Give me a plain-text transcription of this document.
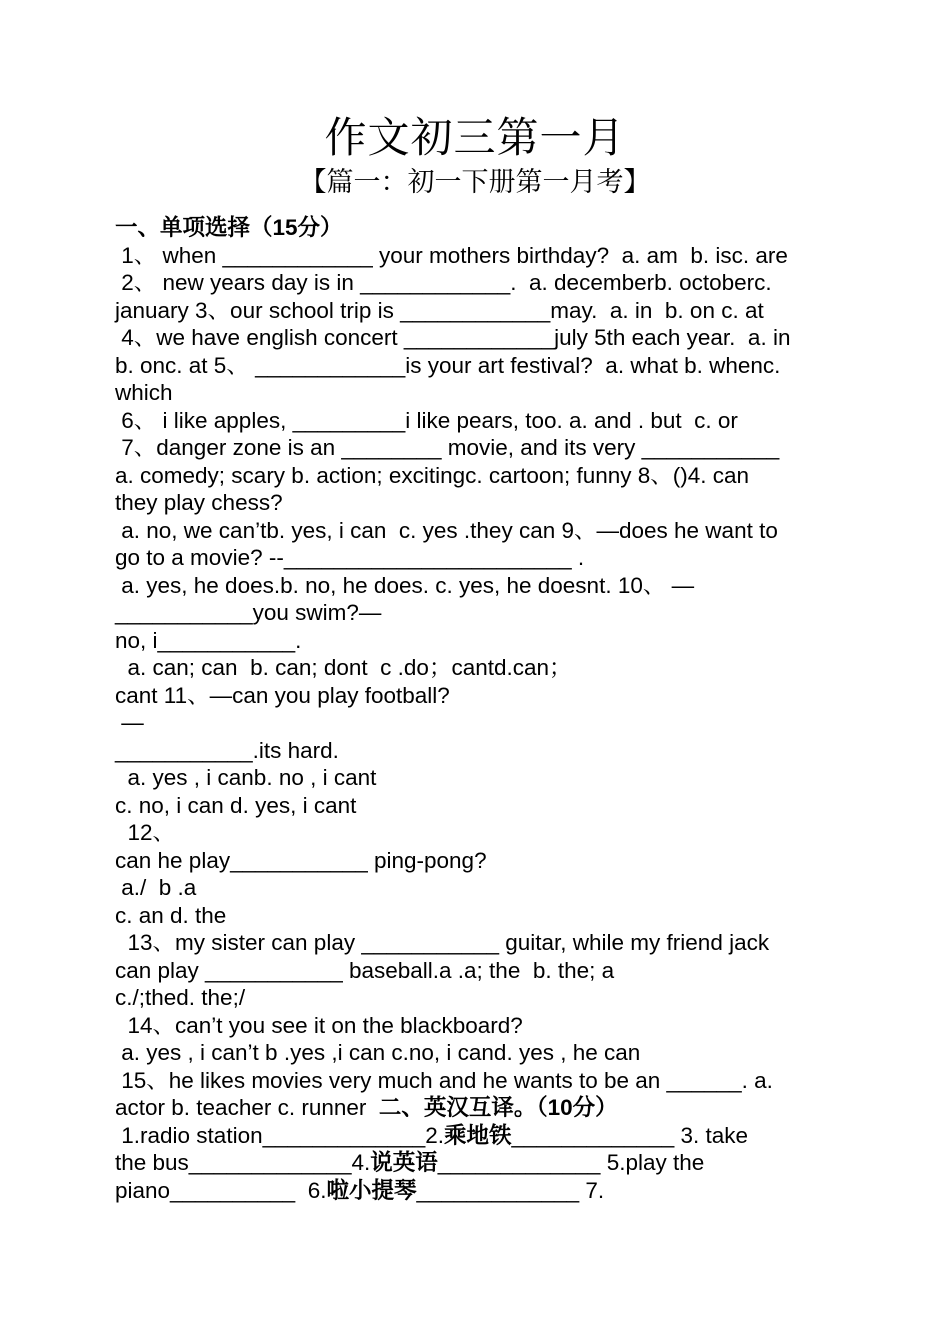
作文初三第一月
【篇一：初一下册第一月考】
一、单项选择（15分）
1、 when ____________ your mothers birthday?  a. am  b. isc. are
2、 new years day is in ____________.  a. decemberb. octoberc.
january 3、our school trip is ____________may.  a. in  b. on c. at
4、we have english concert ____________july 5th each year.  a. in
b. onc. at 5、 ____________is your art festival?  a. what b. whenc.
which
6、 i like apples, _________i like pears, too. a. and . but  c. or
7、danger zone is an ________ movie, and its very ___________
a. comedy; scary b. action; excitingc. cartoon; funny 8、()4. can
they play chess?
a. no, we can’tb. yes, i can  c. yes .they can 9、—does he want to
go to a movie? --_______________________ .
a. yes, he does.b. no, he does. c. yes, he doesnt. 10、 —
___________you swim?—
no, i___________.
a. can; can  b. can; dont  c .do；cantd.can；
cant 11、—can you play football?
—
___________.its hard.
a. yes , i canb. no , i cant
c. no, i can d. yes, i cant
12、
can he play___________ ping-pong?
a./  b .a
c. an d. the
13、my sister can play ___________ guitar, while my friend jack
can play ___________ baseball.a .a; the  b. the; a
c./;thed. the;/
14、can’t you see it on the blackboard?
a. yes , i can’t b .yes ,i can c.no, i cand. yes , he can
15、he likes movies very much and he wants to be an ______. a.
actor b. teacher c. runner  二、英汉互译。（10分）
1.radio station_____________2.乘地铁_____________ 3. take
the bus_____________4.说英语_____________ 5.play the
piano__________  6.啦小提琴_____________ 7.
